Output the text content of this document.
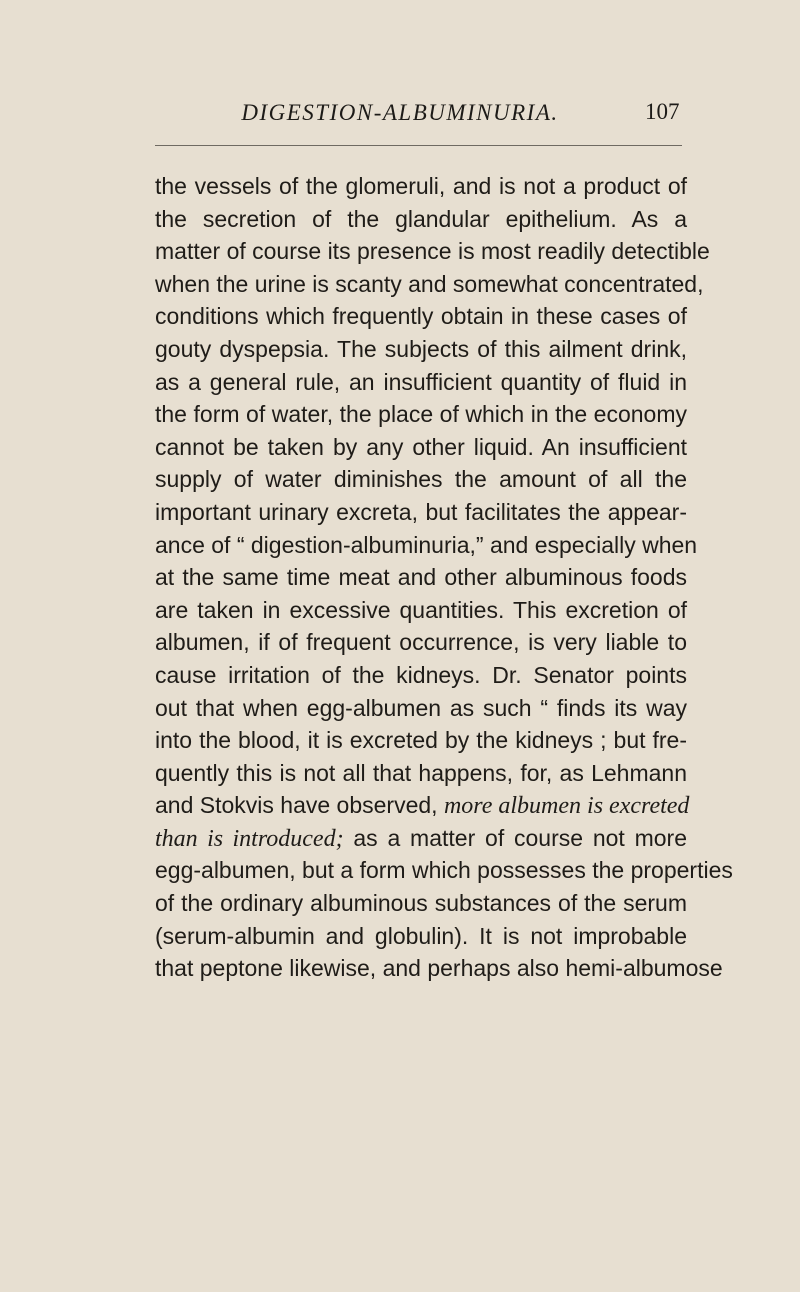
DIGESTION-ALBUMINURIA.	107
the vessels of the glomeruli, and is not a product of
the secretion of the glandular epithelium. As a
matter of course its presence is most readily detectible
when the urine is scanty and somewhat concentrated,
conditions which frequently obtain in these cases of
gouty dyspepsia. The subjects of this ailment drink,
as a general rule, an insufficient quantity of fluid in
the form of water, the place of which in the economy
cannot be taken by any other liquid. An insufficient
supply of water diminishes the amount of all the
important urinary excreta, but facilitates the appear-
ance of “ digestion-albuminuria,” and especially when
at the same time meat and other albuminous foods
are taken in excessive quantities. This excretion of
albumen, if of frequent occurrence, is very liable to
cause irritation of the kidneys. Dr. Senator points
out that when egg-albumen as such “ finds its way
into the blood, it is excreted by the kidneys ; but fre-
quently this is not all that happens, for, as Lehmann
and Stokvis have observed, more albumen is excreted
than is introduced; as a matter of course not more
egg-albumen, but a form which possesses the properties
of the ordinary albuminous substances of the serum
(serum-albumin and globulin). It is not improbable
that peptone likewise, and perhaps also hemi-albumose
